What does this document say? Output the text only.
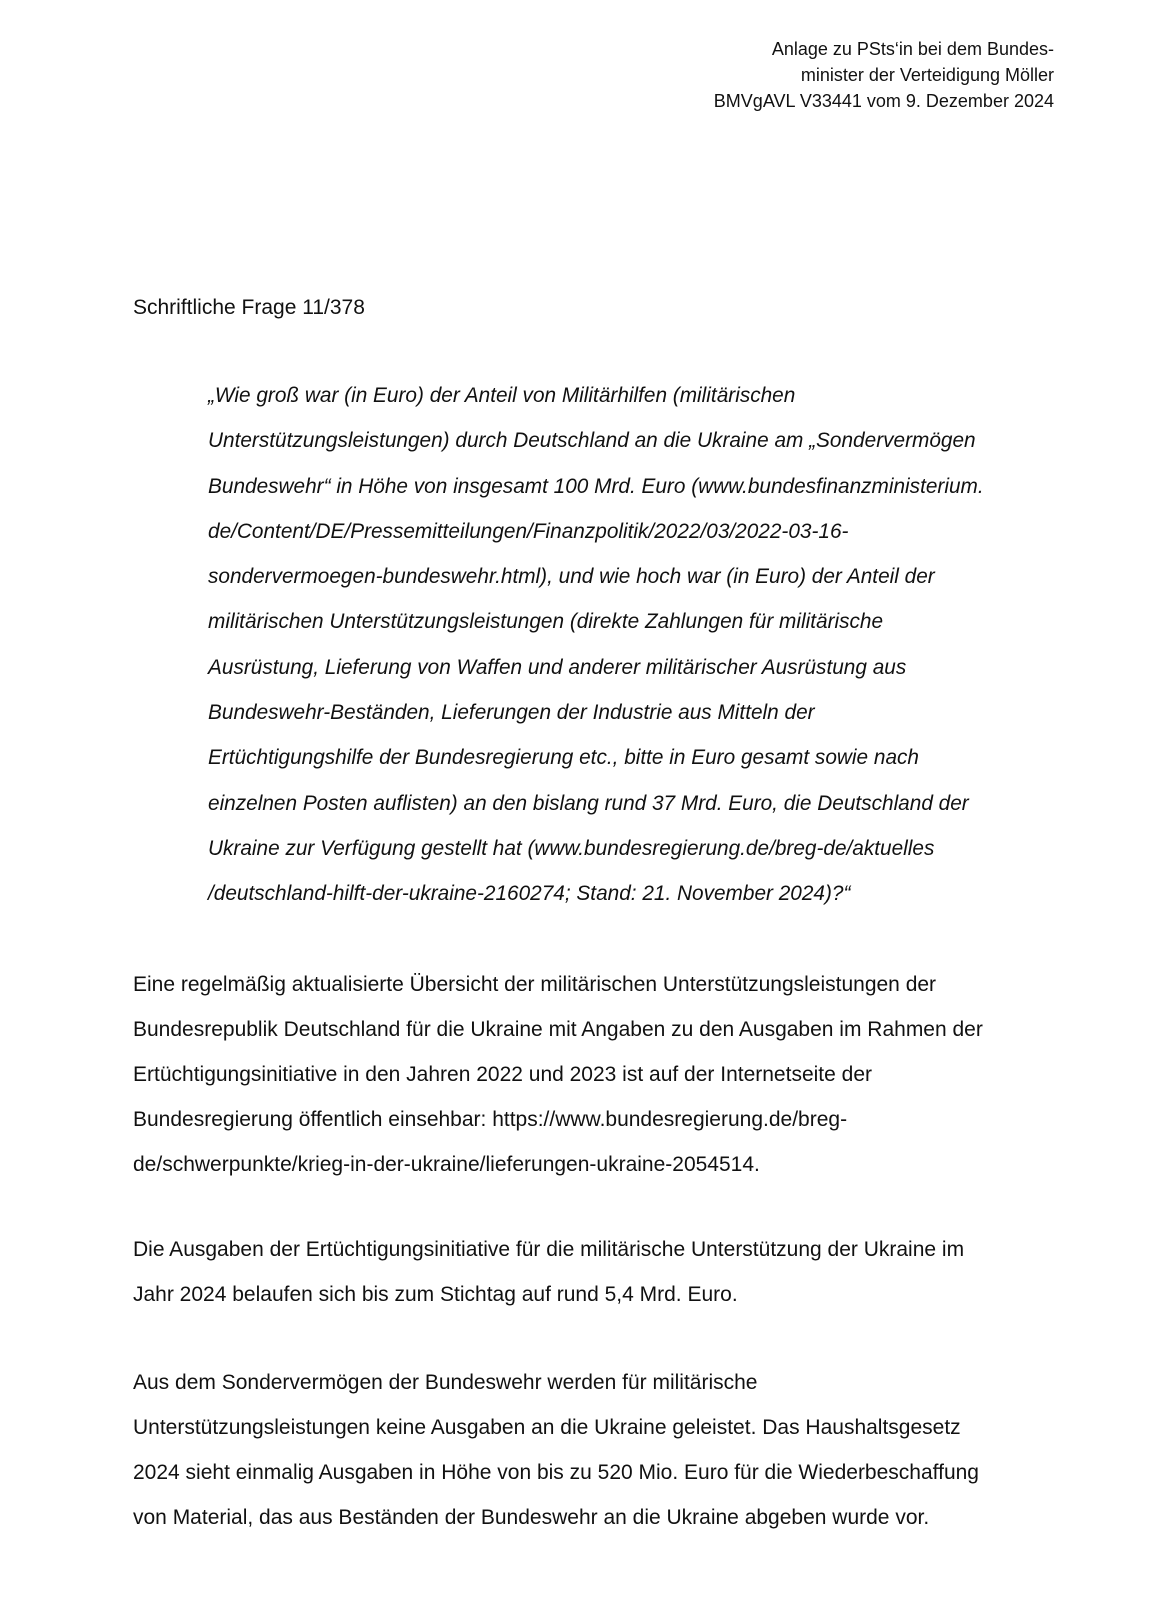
Anlage zu PSts‘in bei dem Bundes-
minister der Verteidigung Möller
BMVgAVL V33441 vom 9. Dezember 2024
Schriftliche Frage 11/378
„Wie groß war (in Euro) der Anteil von Militärhilfen (militärischen
Unterstützungsleistungen) durch Deutschland an die Ukraine am „Sondervermögen
Bundeswehr“ in Höhe von insgesamt 100 Mrd. Euro (www.bundesfinanzministerium.
de/Content/DE/Pressemitteilungen/Finanzpolitik/2022/03/2022-03-16-
sondervermoegen-bundeswehr.html), und wie hoch war (in Euro) der Anteil der
militärischen Unterstützungsleistungen (direkte Zahlungen für militärische
Ausrüstung, Lieferung von Waffen und anderer militärischer Ausrüstung aus
Bundeswehr-Beständen, Lieferungen der Industrie aus Mitteln der
Ertüchtigungshilfe der Bundesregierung etc., bitte in Euro gesamt sowie nach
einzelnen Posten auflisten) an den bislang rund 37 Mrd. Euro, die Deutschland der
Ukraine zur Verfügung gestellt hat (www.bundesregierung.de/breg-de/aktuelles
/deutschland-hilft-der-ukraine-2160274; Stand: 21. November 2024)?“
Eine regelmäßig aktualisierte Übersicht der militärischen Unterstützungsleistungen der
Bundesrepublik Deutschland für die Ukraine mit Angaben zu den Ausgaben im Rahmen der
Ertüchtigungsinitiative in den Jahren 2022 und 2023 ist auf der Internetseite der
Bundesregierung öffentlich einsehbar: https://www.bundesregierung.de/breg-
de/schwerpunkte/krieg-in-der-ukraine/lieferungen-ukraine-2054514.
Die Ausgaben der Ertüchtigungsinitiative für die militärische Unterstützung der Ukraine im
Jahr 2024 belaufen sich bis zum Stichtag auf rund 5,4 Mrd. Euro.
Aus dem Sondervermögen der Bundeswehr werden für militärische
Unterstützungsleistungen keine Ausgaben an die Ukraine geleistet. Das Haushaltsgesetz
2024 sieht einmalig Ausgaben in Höhe von bis zu 520 Mio. Euro für die Wiederbeschaffung
von Material, das aus Beständen der Bundeswehr an die Ukraine abgeben wurde vor.
